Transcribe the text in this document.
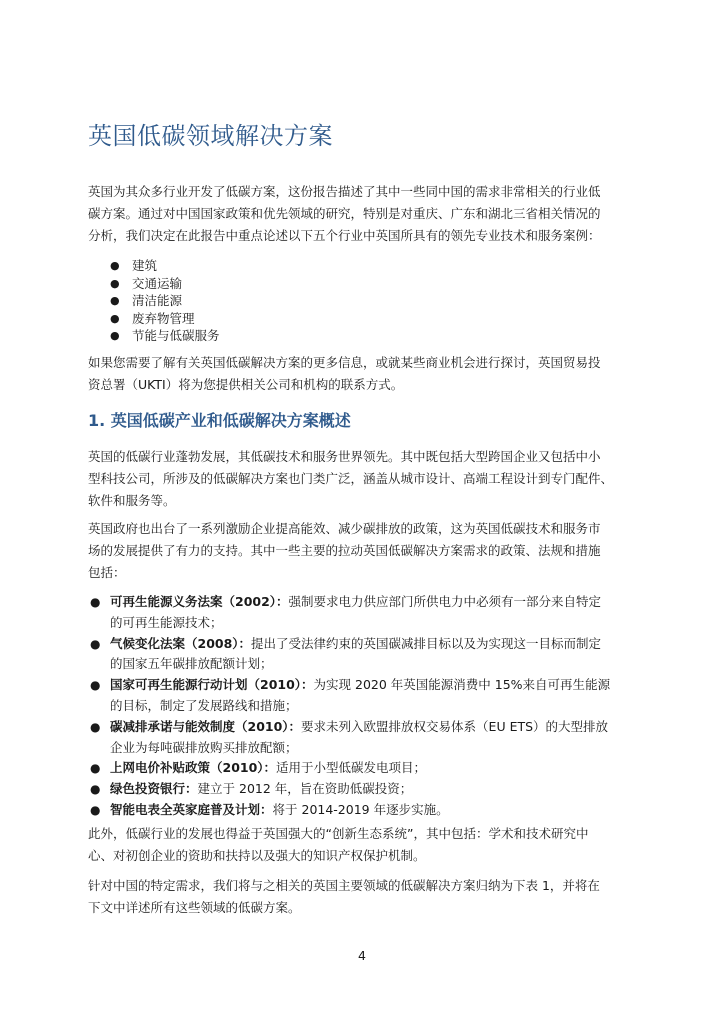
英国低碳领域解决方案

英国为其众多行业开发了低碳方案，这份报告描述了其中一些同中国的需求非常相关的行业低
碳方案。通过对中国国家政策和优先领域的研究，特别是对重庆、广东和湖北三省相关情况的
分析，我们决定在此报告中重点论述以下五个行业中英国所具有的领先专业技术和服务案例：

● 建筑
● 交通运输
● 清洁能源
● 废弃物管理
● 节能与低碳服务

如果您需要了解有关英国低碳解决方案的更多信息，或就某些商业机会进行探讨，英国贸易投
资总署（UKTI）将为您提供相关公司和机构的联系方式。

1. 英国低碳产业和低碳解决方案概述

英国的低碳行业蓬勃发展，其低碳技术和服务世界领先。其中既包括大型跨国企业又包括中小
型科技公司，所涉及的低碳解决方案也门类广泛，涵盖从城市设计、高端工程设计到专门配件、
软件和服务等。

英国政府也出台了一系列激励企业提高能效、减少碳排放的政策，这为英国低碳技术和服务市
场的发展提供了有力的支持。其中一些主要的拉动英国低碳解决方案需求的政策、法规和措施
包括：

● 可再生能源义务法案（2002）：强制要求电力供应部门所供电力中必须有一部分来自特定
的可再生能源技术；
● 气候变化法案（2008）：提出了受法律约束的英国碳减排目标以及为实现这一目标而制定
的国家五年碳排放配额计划；
● 国家可再生能源行动计划（2010）：为实现 2020 年英国能源消费中 15%来自可再生能源
的目标，制定了发展路线和措施；
● 碳减排承诺与能效制度（2010）：要求未列入欧盟排放权交易体系（EU ETS）的大型排放
企业为每吨碳排放购买排放配额；
● 上网电价补贴政策（2010）：适用于小型低碳发电项目；
● 绿色投资银行：建立于 2012 年，旨在资助低碳投资；
● 智能电表全英家庭普及计划：将于 2014-2019 年逐步实施。

此外，低碳行业的发展也得益于英国强大的“创新生态系统”，其中包括：学术和技术研究中
心、对初创企业的资助和扶持以及强大的知识产权保护机制。

针对中国的特定需求，我们将与之相关的英国主要领域的低碳解决方案归纳为下表 1，并将在
下文中详述所有这些领域的低碳方案。

4
